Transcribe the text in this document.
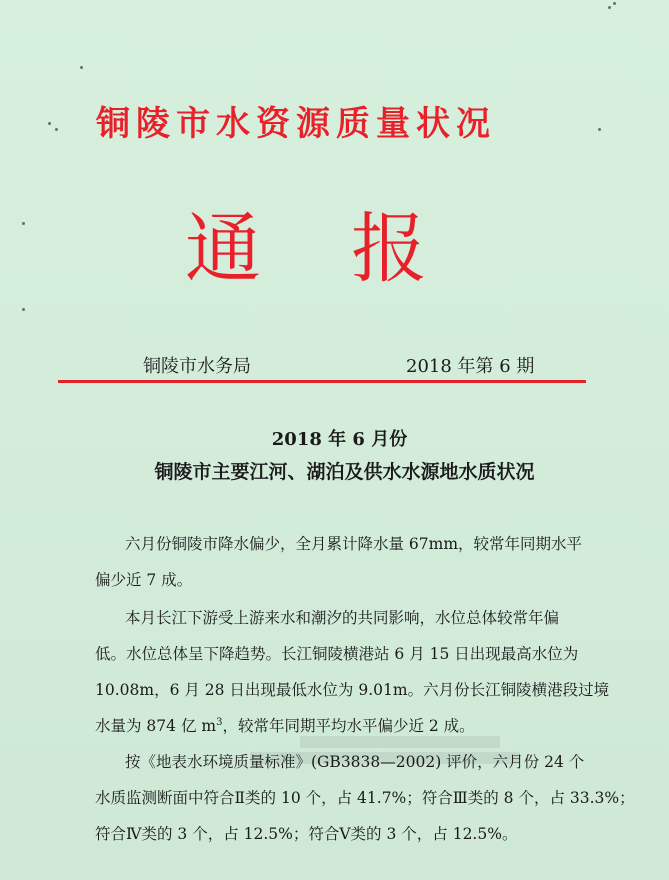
铜陵市水资源质量状况
通 报
铜陵市水务局	2018 年第 6 期
2018 年 6 月份
铜陵市主要江河、湖泊及供水水源地水质状况
六月份铜陵市降水偏少，全月累计降水量 67mm，较常年同期水平
偏少近 7 成。
本月长江下游受上游来水和潮汐的共同影响，水位总体较常年偏
低。水位总体呈下降趋势。长江铜陵横港站 6 月 15 日出现最高水位为
10.08m，6 月 28 日出现最低水位为 9.01m。六月份长江铜陵横港段过境
水量为 874 亿 $m^3$，较常年同期平均水平偏少近 2 成。
按《地表水环境质量标准》(GB3838—2002) 评价，六月份 24 个
水质监测断面中符合Ⅱ类的 10 个，占 41.7%；符合Ⅲ类的 8 个，占 33.3%；
符合Ⅳ类的 3 个，占 12.5%；符合Ⅴ类的 3 个，占 12.5%。
